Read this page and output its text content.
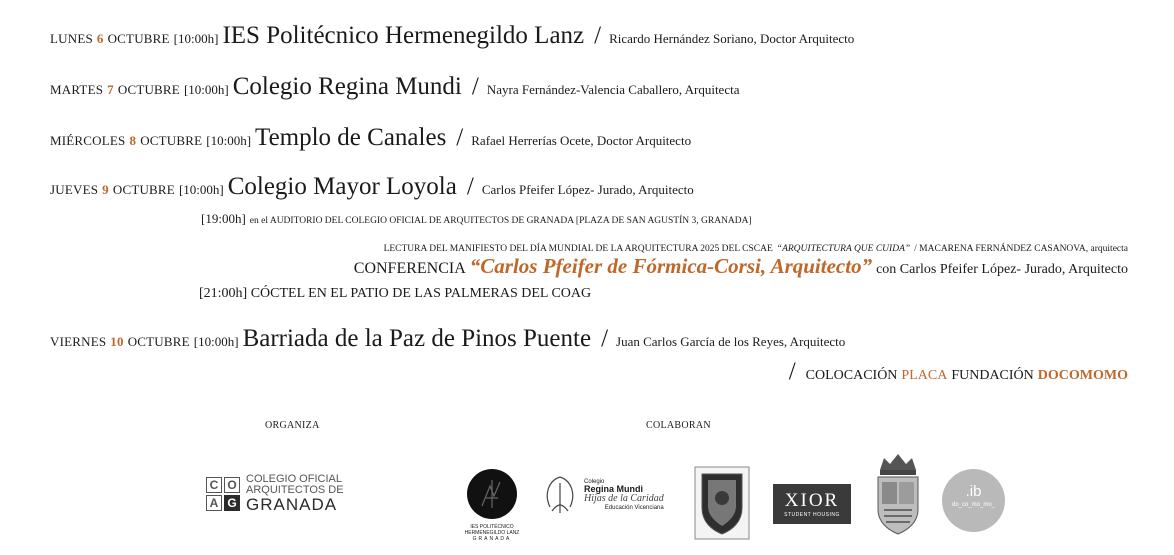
LUNES 6 OCTUBRE [10:00h] IES Politécnico Hermenegildo Lanz / Ricardo Hernández Soriano, Doctor Arquitecto
MARTES 7 OCTUBRE [10:00h] Colegio Regina Mundi / Nayra Fernández-Valencia Caballero, Arquitecta
MIÉRCOLES 8 OCTUBRE [10:00h] Templo de Canales / Rafael Herrerías Ocete, Doctor Arquitecto
JUEVES 9 OCTUBRE [10:00h] Colegio Mayor Loyola / Carlos Pfeifer López- Jurado, Arquitecto
[19:00h] en el AUDITORIO DEL COLEGIO OFICIAL DE ARQUITECTOS DE GRANADA [PLAZA DE SAN AGUSTÍN 3, GRANADA]
LECTURA DEL MANIFIESTO DEL DÍA MUNDIAL DE LA ARQUITECTURA 2025 DEL CSCAE “ARQUITECTURA QUE CUIDA” / MACARENA FERNÁNDEZ CASANOVA, arquitecta
CONFERENCIA “Carlos Pfeifer de Fórmica-Corsi, Arquitecto” con Carlos Pfeifer López- Jurado, Arquitecto
[21:00h] CÓCTEL EN EL PATIO DE LAS PALMERAS DEL COAG
VIERNES 10 OCTUBRE [10:00h] Barriada de la Paz de Pinos Puente / Juan Carlos García de los Reyes, Arquitecto
/ COLOCACIÓN PLACA FUNDACIÓN DOCOMOMO
ORGANIZA	COLABORAN
C O
A G
COLEGIO OFICIAL
ARQUITECTOS DE
GRANADA
IES POLITÉCNICO
HERMENEGILDO LANZ
GRANADA
Colegio
Regina Mundi
Hijas de la Caridad
Educación Vicenciana	XIOR
STUDENT HOUSING
.ib
do_co_mo_mo_
